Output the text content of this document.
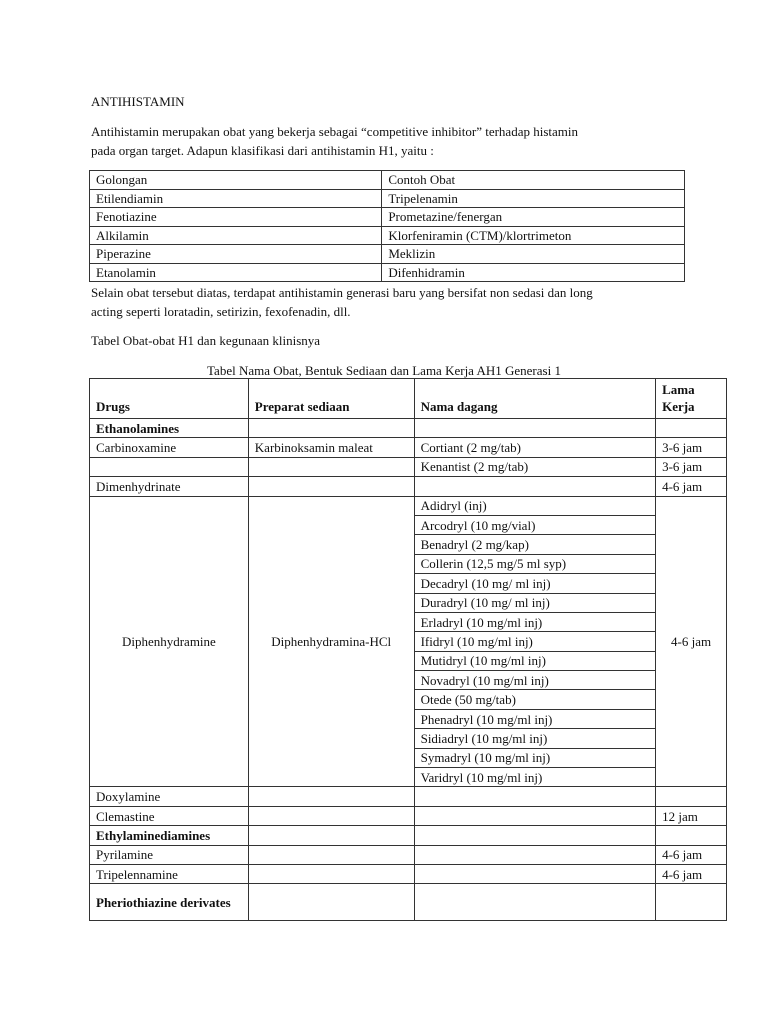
ANTIHISTAMIN
Antihistamin merupakan obat yang bekerja sebagai “competitive inhibitor” terhadap histamin
pada organ target. Adapun klasifikasi dari antihistamin H1, yaitu :
Golongan	Contoh Obat
Etilendiamin	Tripelenamin
Fenotiazine	Prometazine/fenergan
Alkilamin	Klorfeniramin (CTM)/klortrimeton
Piperazine	Meklizin
Etanolamin	Difenhidramin
Selain obat tersebut diatas, terdapat antihistamin generasi baru yang bersifat non sedasi dan long
acting seperti loratadin, setirizin, fexofenadin, dll.
Tabel Obat-obat H1 dan kegunaan klinisnya
Tabel Nama Obat, Bentuk Sediaan dan Lama Kerja AH1 Generasi 1
Drugs	Preparat sediaan	Nama dagang	Lama Kerja
Ethanolamines			
Carbinoxamine	Karbinoksamin maleat	Cortiant (2 mg/tab)	3-6 jam
		Kenantist (2 mg/tab)	3-6 jam
Dimenhydrinate			4-6 jam
Diphenhydramine	Diphenhydramina-HCl	Adidryl (inj)	4-6 jam
		Arcodryl (10 mg/vial)	
		Benadryl (2 mg/kap)	
		Collerin (12,5 mg/5 ml syp)	
		Decadryl (10 mg/ ml inj)	
		Duradryl (10 mg/ ml inj)	
		Erladryl (10 mg/ml inj)	
		Ifidryl (10 mg/ml inj)	
		Mutidryl (10 mg/ml inj)	
		Novadryl (10 mg/ml inj)	
		Otede (50 mg/tab)	
		Phenadryl (10 mg/ml inj)	
		Sidiadryl (10 mg/ml inj)	
		Symadryl (10 mg/ml inj)	
		Varidryl (10 mg/ml inj)	
Doxylamine			
Clemastine			12 jam
Ethylaminediamines			
Pyrilamine			4-6 jam
Tripelennamine			4-6 jam
Pheriothiazine derivates			
